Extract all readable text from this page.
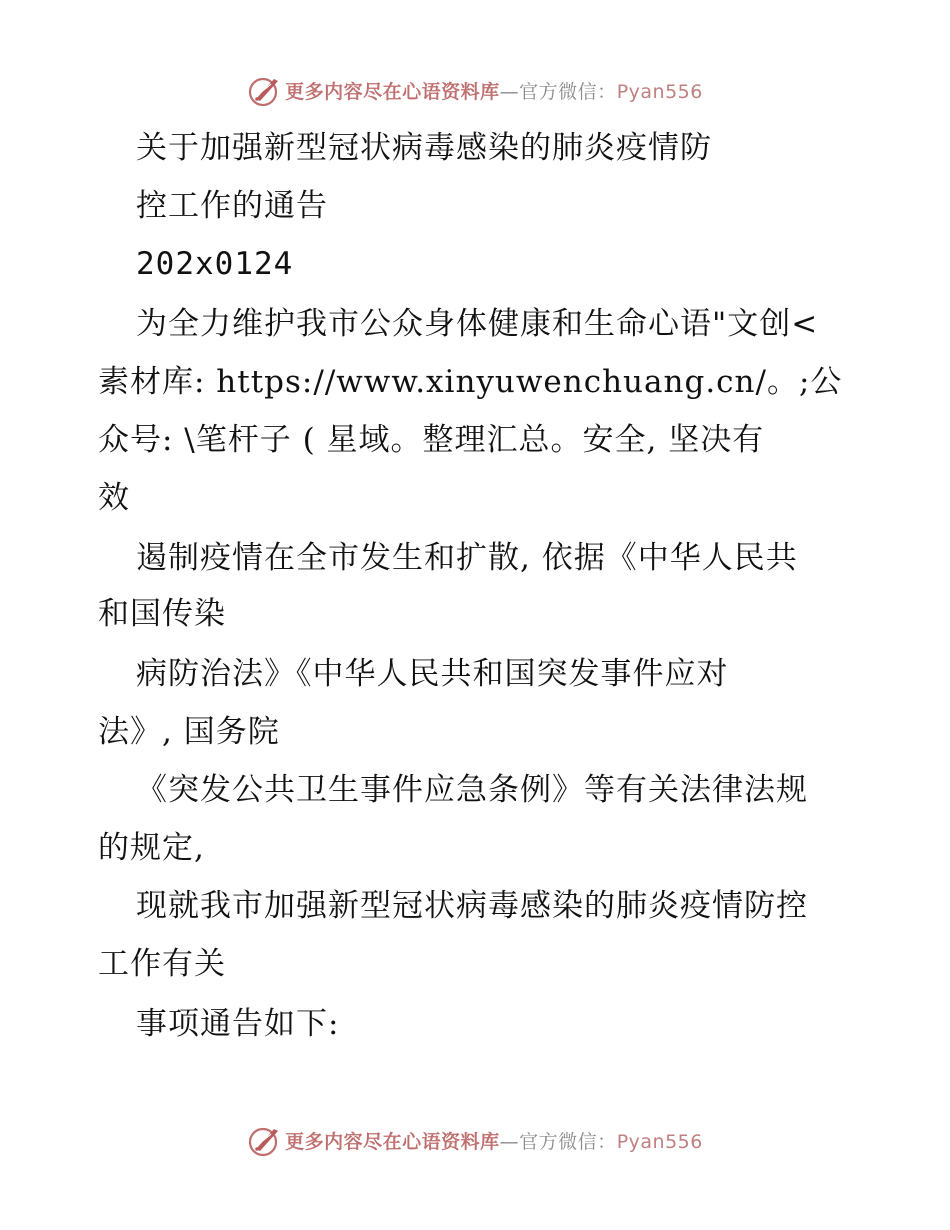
更多内容尽在心语资料库—官方微信：Pyan556
关于加强新型冠状病毒感染的肺炎疫情防
控工作的通告
202x0124
为全力维护我市公众身体健康和生命心语"文创<
素材库: https://www.xinyuwenchuang.cn/。;公
众号: \笔杆子 ( 星域。整理汇总。安全, 坚决有
效
遏制疫情在全市发生和扩散, 依据《中华人民共
和国传染
病防治法》《中华人民共和国突发事件应对
法》, 国务院
《突发公共卫生事件应急条例》等有关法律法规
的规定,
现就我市加强新型冠状病毒感染的肺炎疫情防控
工作有关
事项通告如下:
更多内容尽在心语资料库—官方微信：Pyan556
